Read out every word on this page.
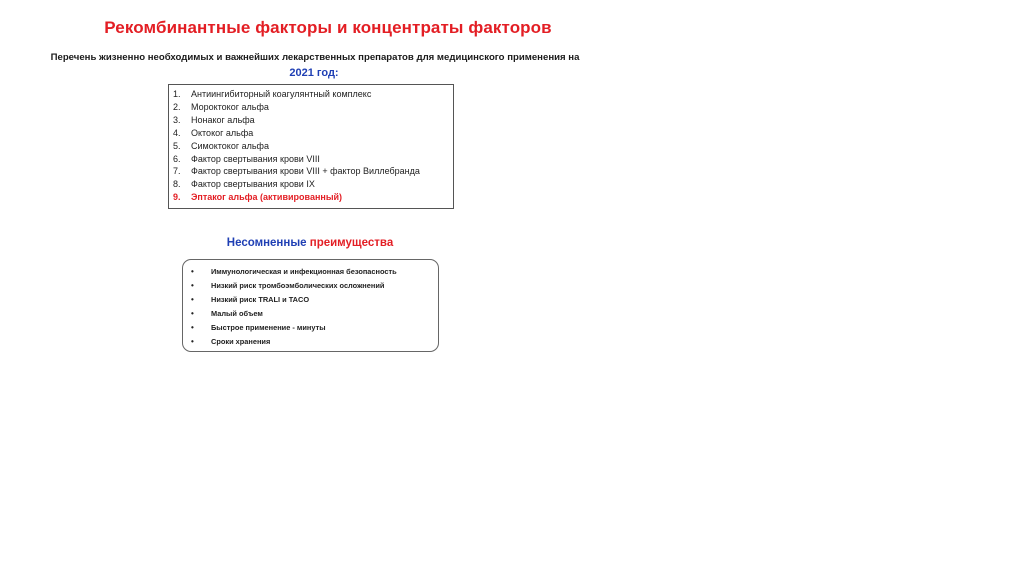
Рекомбинантные факторы и концентраты факторов
Перечень жизненно необходимых и важнейших лекарственных препаратов для медицинского применения на
2021 год:
1.	Антиингибиторный коагулянтный комплекс
2.	Мороктоког альфа
3.	Нонаког альфа
4.	Октоког альфа
5.	Симоктоког альфа
6.	Фактор свертывания крови VIII
7.	Фактор свертывания крови VIII + фактор Виллебранда
8.	Фактор свертывания крови IX
9.	Эптаког альфа (активированный)
Несомненные преимущества
•	Иммунологическая и инфекционная безопасность
•	Низкий риск тромбоэмболических осложнений
•	Низкий риск TRALI и TACO
•	Малый объем
•	Быстрое применение - минуты
•	Сроки хранения
